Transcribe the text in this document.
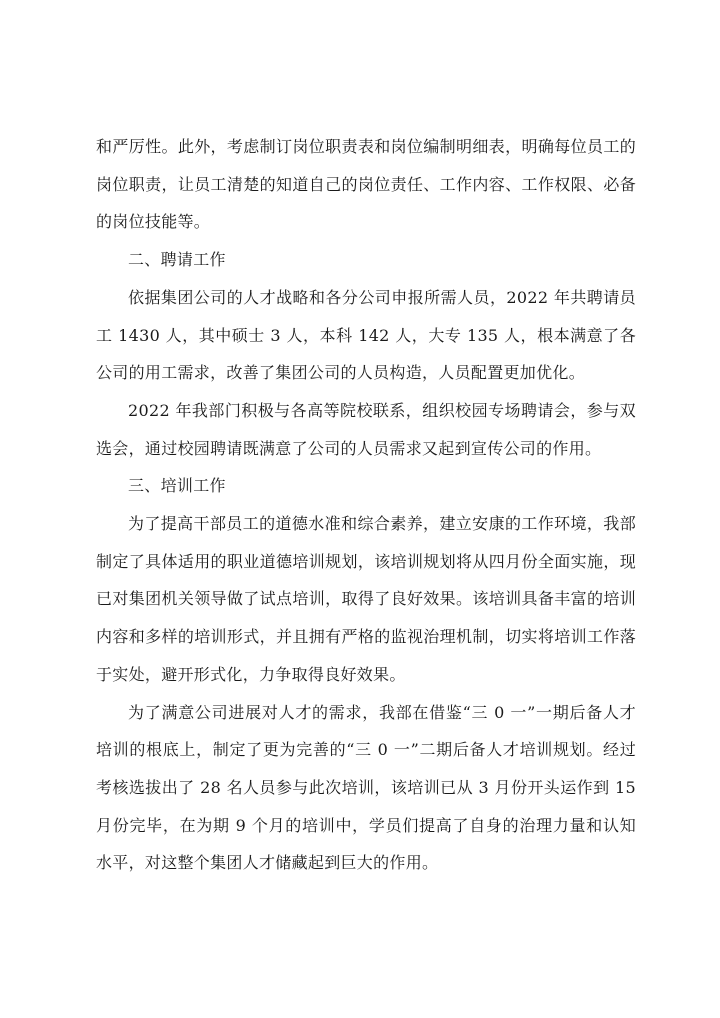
和严厉性。此外，考虑制订岗位职责表和岗位编制明细表，明确每位员工的岗位职责，让员工清楚的知道自己的岗位责任、工作内容、工作权限、必备的岗位技能等。

二、聘请工作

依据集团公司的人才战略和各分公司申报所需人员，2022 年共聘请员工 1430 人，其中硕士 3 人，本科 142 人，大专 135 人，根本满意了各公司的用工需求，改善了集团公司的人员构造，人员配置更加优化。

2022 年我部门积极与各高等院校联系，组织校园专场聘请会，参与双选会，通过校园聘请既满意了公司的人员需求又起到宣传公司的作用。

三、培训工作

为了提高干部员工的道德水准和综合素养，建立安康的工作环境，我部制定了具体适用的职业道德培训规划，该培训规划将从四月份全面实施，现已对集团机关领导做了试点培训，取得了良好效果。该培训具备丰富的培训内容和多样的培训形式，并且拥有严格的监视治理机制，切实将培训工作落于实处，避开形式化，力争取得良好效果。

为了满意公司进展对人才的需求，我部在借鉴“三 0 一”一期后备人才培训的根底上，制定了更为完善的“三 0 一”二期后备人才培训规划。经过考核选拔出了 28 名人员参与此次培训，该培训已从 3 月份开头运作到 15 月份完毕，在为期 9 个月的培训中，学员们提高了自身的治理力量和认知水平，对这整个集团人才储藏起到巨大的作用。
